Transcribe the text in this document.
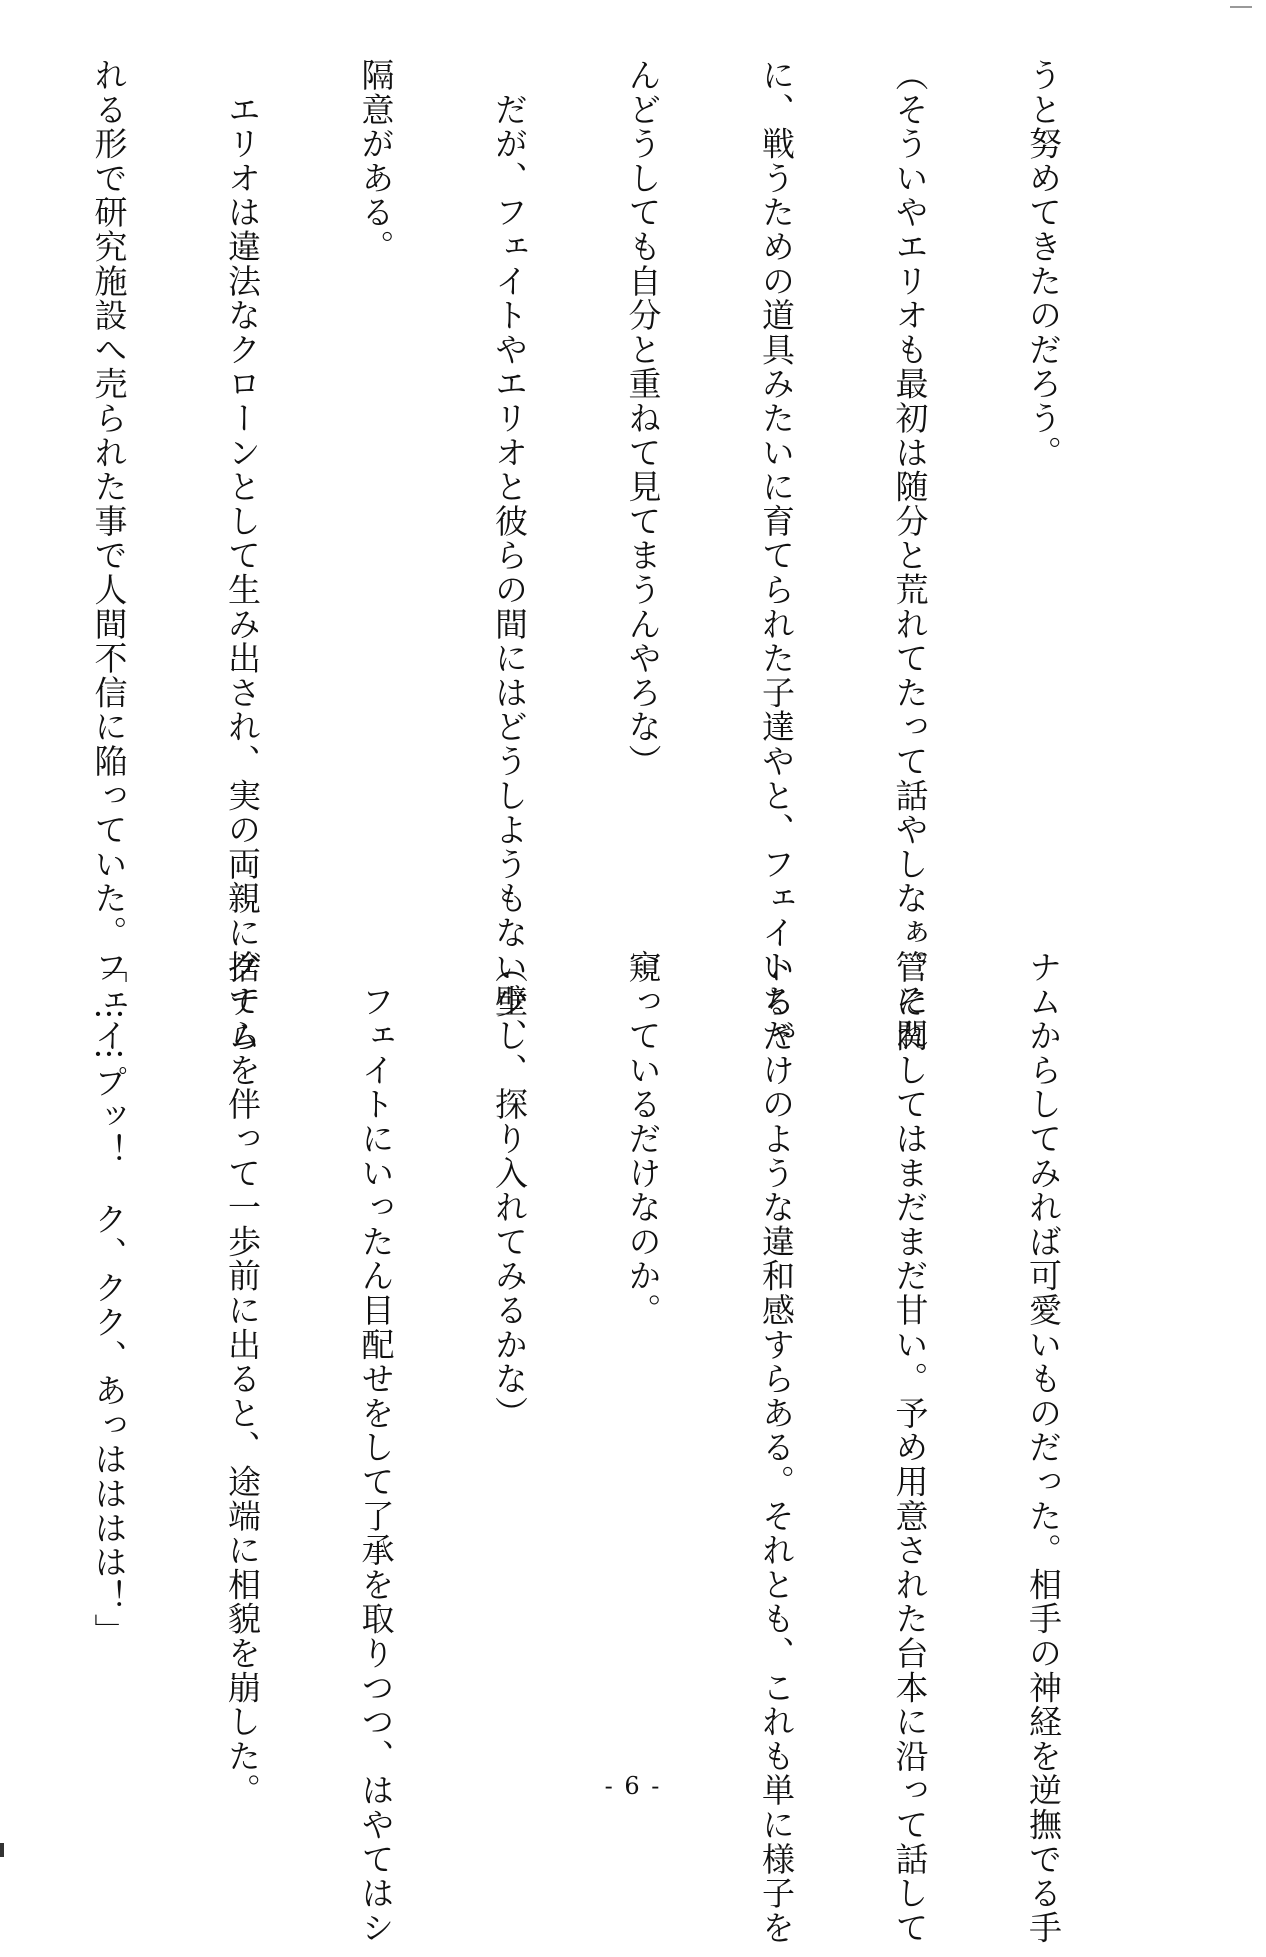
うと努めてきたのだろう。

（そういやエリオも最初は随分と荒れてたって話やしなぁ。それ

に、戦うための道具みたいに育てられた子達やと、フェイトちゃ

んどうしても自分と重ねて見てまうんやろな）

　だが、フェイトやエリオと彼らの間にはどうしようもない壁、

隔意がある。

　エリオは違法なクローンとして生み出され、実の両親に捨てら

れる形で研究施設へ売られた事で人間不信に陥っていた。フェイ

ナムからしてみれば可愛いものだった。相手の神経を逆撫でる手

管に関してはまだまだ甘い。予め用意された台本に沿って話して

いるだけのような違和感すらある。それとも、これも単に様子を

窺っているだけなのか。

（少し、探り入れてみるかな）

　フェイトにいったん目配せをして了承を取りつつ、はやてはシ

グナムを伴って一歩前に出ると、途端に相貌を崩した。

「……プッ！　ク、クク、あっはははは！」

- 6 -
